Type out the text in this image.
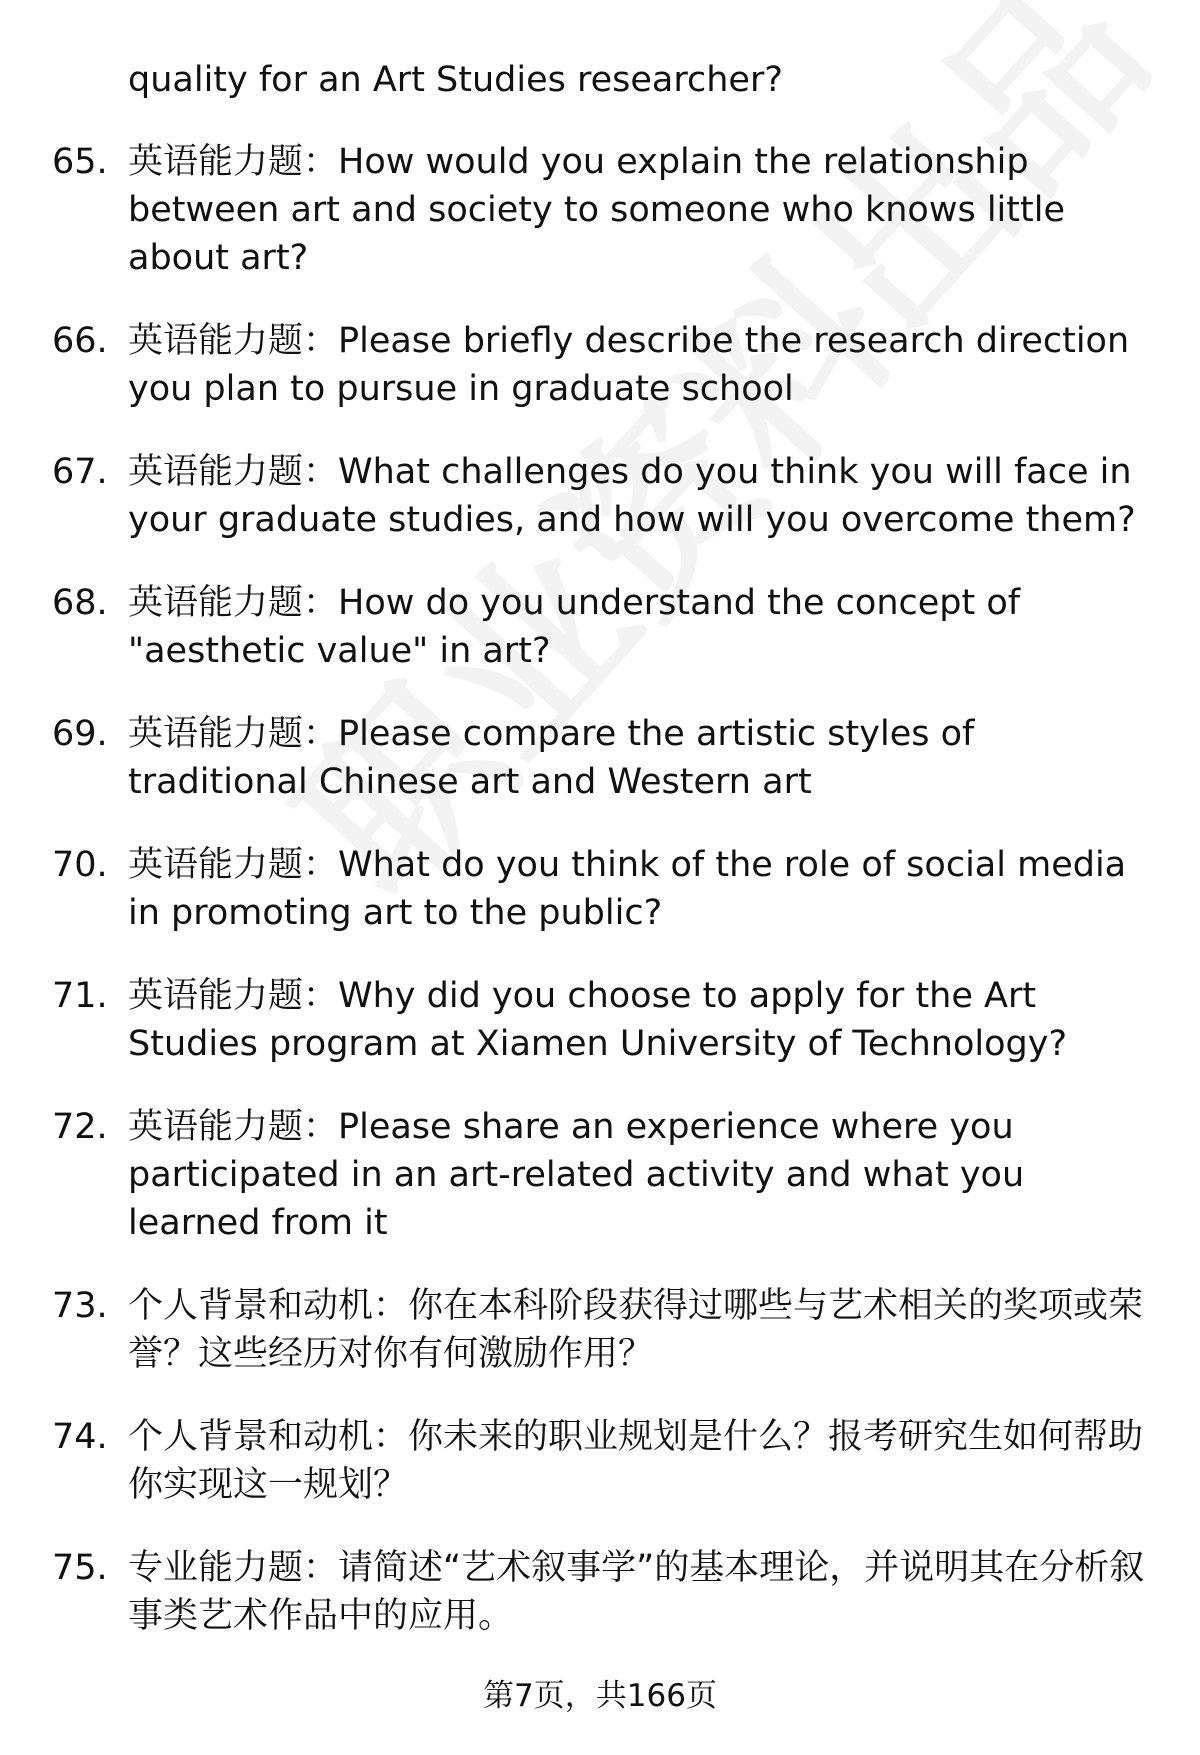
quality for an Art Studies researcher?

65. 英语能力题：How would you explain the relationship between art and society to someone who knows little about art?
66. 英语能力题：Please briefly describe the research direction you plan to pursue in graduate school
67. 英语能力题：What challenges do you think you will face in your graduate studies, and how will you overcome them?
68. 英语能力题：How do you understand the concept of "aesthetic value" in art?
69. 英语能力题：Please compare the artistic styles of traditional Chinese art and Western art
70. 英语能力题：What do you think of the role of social media in promoting art to the public?
71. 英语能力题：Why did you choose to apply for the Art Studies program at Xiamen University of Technology?
72. 英语能力题：Please share an experience where you participated in an art-related activity and what you learned from it
73. 个人背景和动机：你在本科阶段获得过哪些与艺术相关的奖项或荣誉？这些经历对你有何激励作用？
74. 个人背景和动机：你未来的职业规划是什么？报考研究生如何帮助你实现这一规划？
75. 专业能力题：请简述“艺术叙事学”的基本理论，并说明其在分析叙事类艺术作品中的应用。
第7页，共166页
